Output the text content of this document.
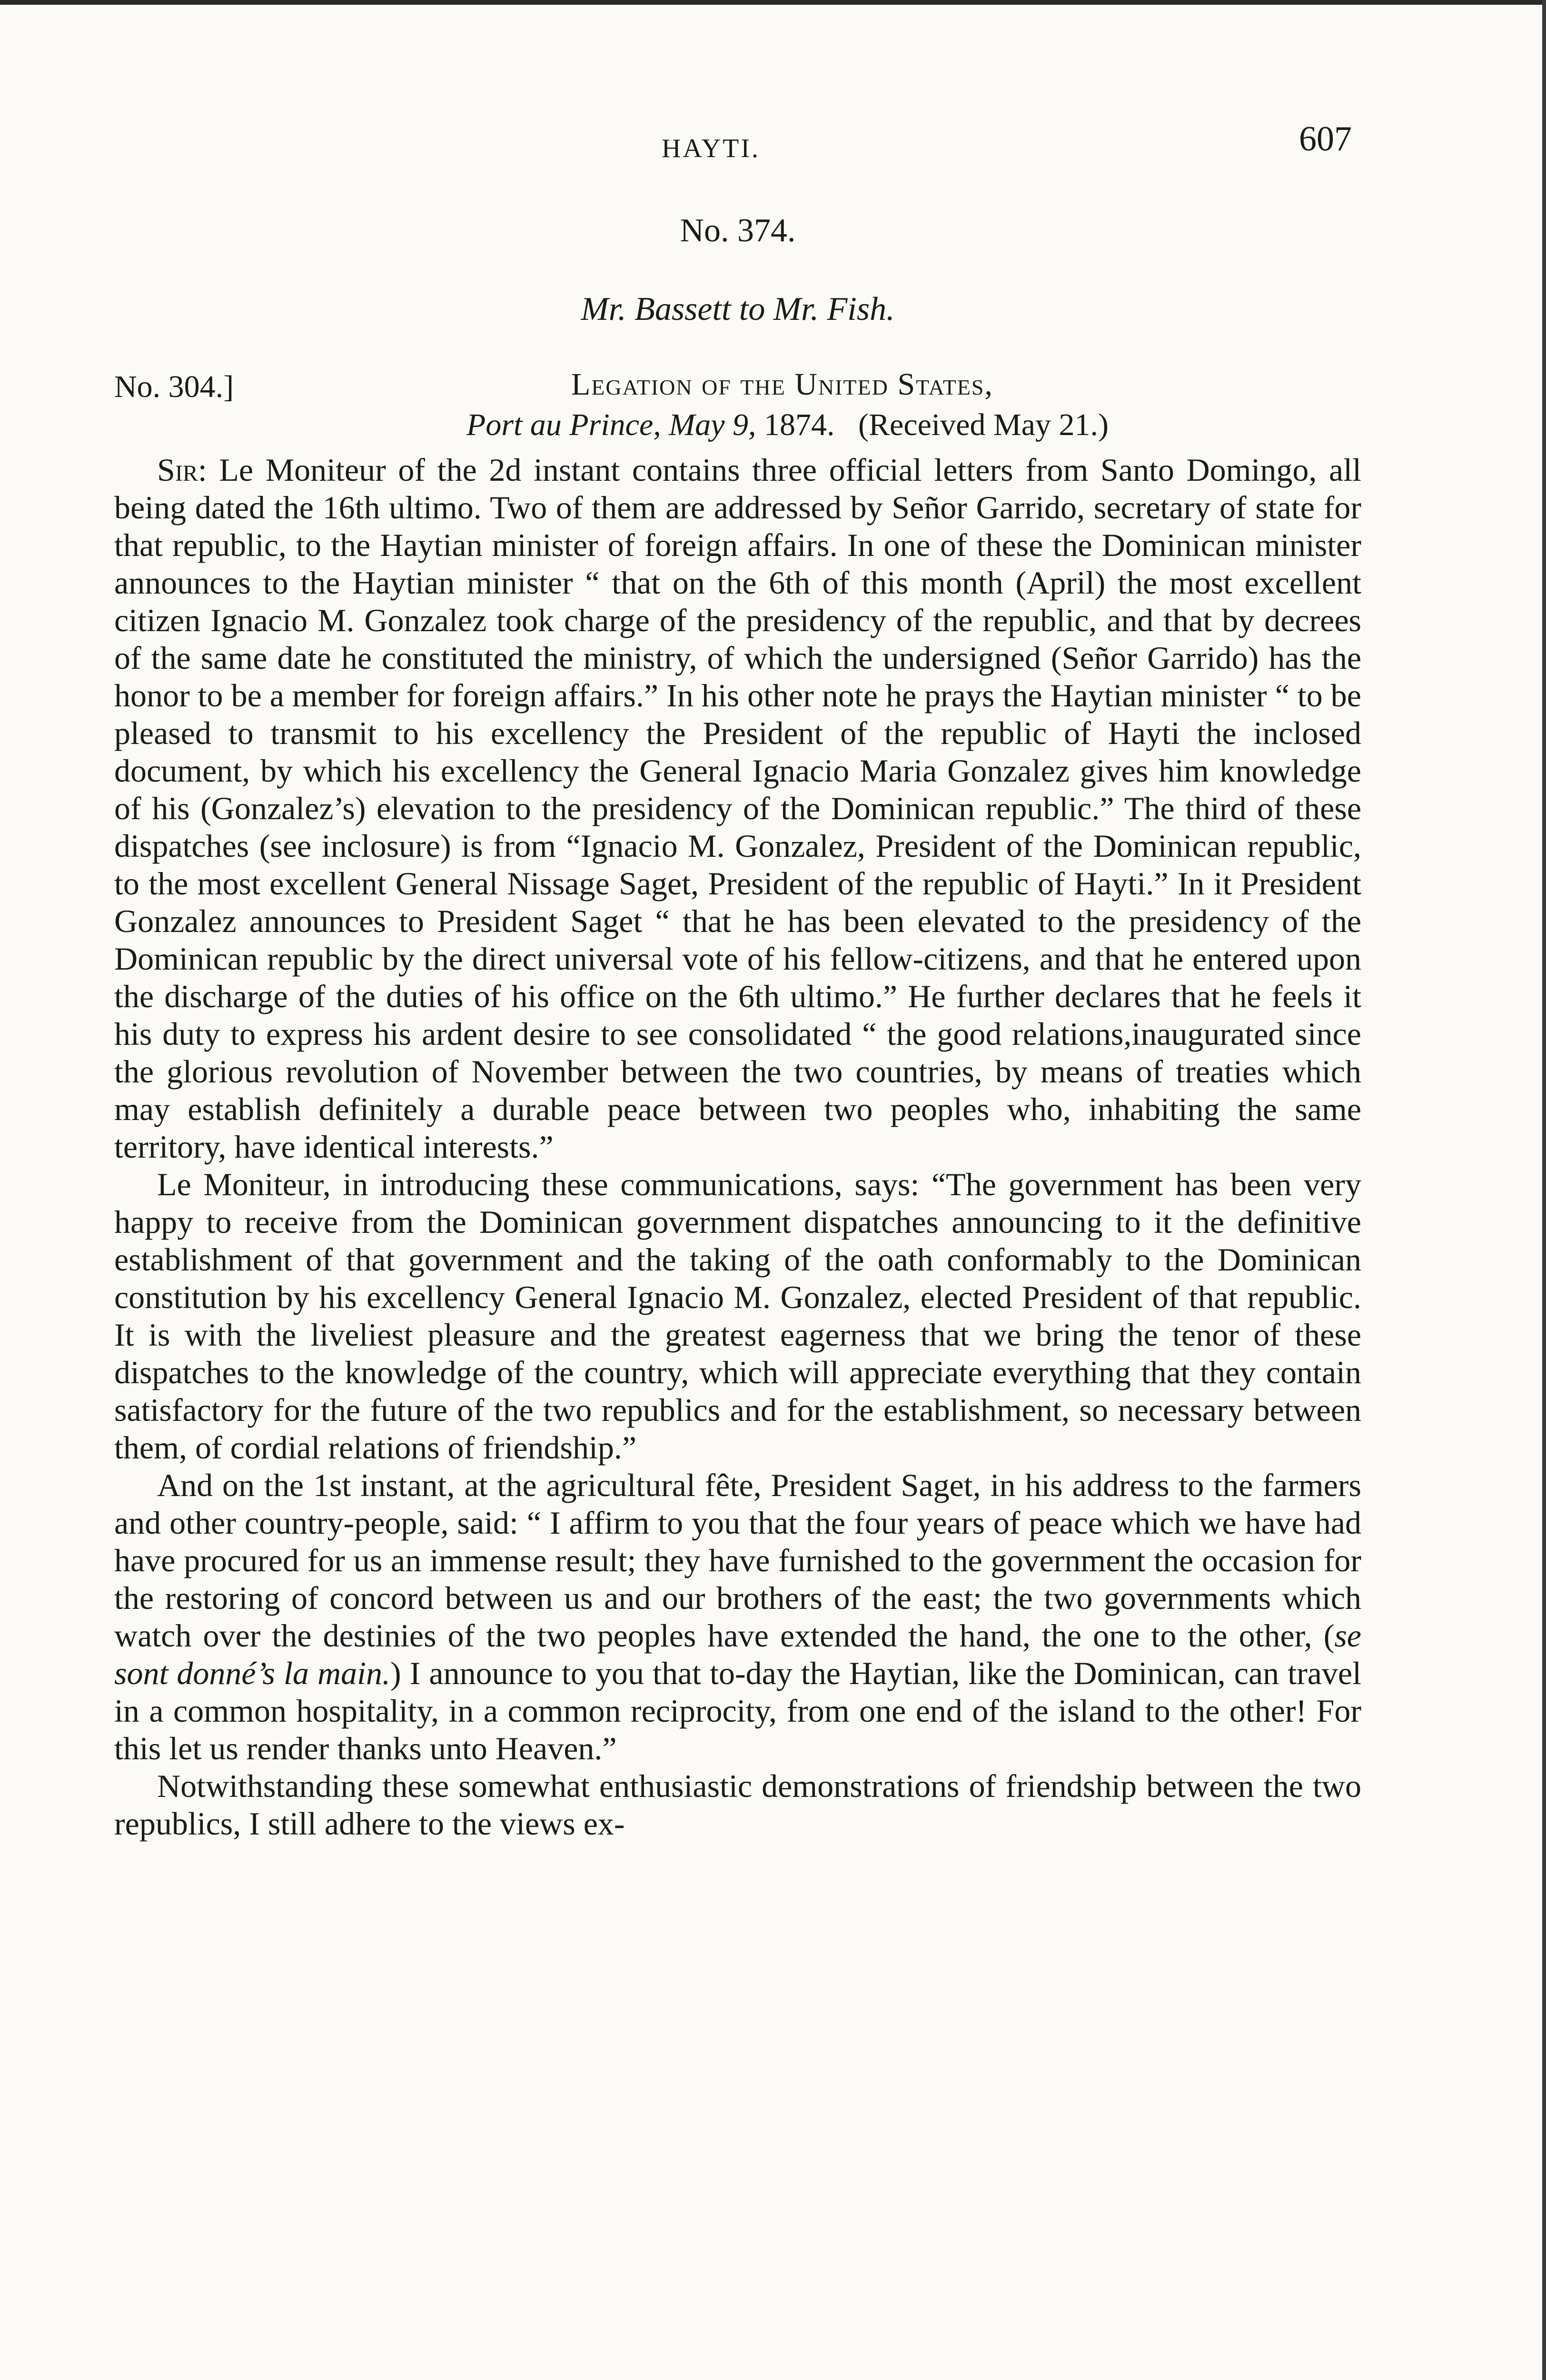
HAYTI.	607
No. 374.
Mr. Bassett to Mr. Fish.
No. 304.]	Legation of the United States,
Port au Prince, May 9, 1874. (Received May 21.)

Sir: Le Moniteur of the 2d instant contains three official letters from Santo Domingo, all being dated the 16th ultimo. Two of them are addressed by Señor Garrido, secretary of state for that republic, to the Haytian minister of foreign affairs. In one of these the Dominican minister announces to the Haytian minister “ that on the 6th of this month (April) the most excellent citizen Ignacio M. Gonzalez took charge of the presidency of the republic, and that by decrees of the same date he constituted the ministry, of which the undersigned (Señor Garrido) has the honor to be a member for foreign affairs.” In his other note he prays the Haytian minister “ to be pleased to transmit to his excellency the President of the republic of Hayti the inclosed document, by which his excellency the General Ignacio Maria Gonzalez gives him knowledge of his (Gonzalez’s) elevation to the presidency of the Dominican republic.” The third of these dispatches (see inclosure) is from “Ignacio M. Gonzalez, President of the Dominican republic, to the most excellent General Nissage Saget, President of the republic of Hayti.” In it President Gonzalez announces to President Saget “ that he has been elevated to the presidency of the Dominican republic by the direct universal vote of his fellow-citizens, and that he entered upon the discharge of the duties of his office on the 6th ultimo.” He further declares that he feels it his duty to express his ardent desire to see consolidated “ the good relations,inaugurated since the glorious revolution of November between the two countries, by means of treaties which may establish definitely a durable peace between two peoples who, inhabiting the same territory, have identical interests.”

Le Moniteur, in introducing these communications, says: “The government has been very happy to receive from the Dominican government dispatches announcing to it the definitive establishment of that government and the taking of the oath conformably to the Dominican constitution by his excellency General Ignacio M. Gonzalez, elected President of that republic. It is with the liveliest pleasure and the greatest eagerness that we bring the tenor of these dispatches to the knowledge of the country, which will appreciate everything that they contain satisfactory for the future of the two republics and for the establishment, so necessary between them, of cordial relations of friendship.”

And on the 1st instant, at the agricultural fête, President Saget, in his address to the farmers and other country-people, said: “ I affirm to you that the four years of peace which we have had have procured for us an immense result; they have furnished to the government the occasion for the restoring of concord between us and our brothers of the east; the two governments which watch over the destinies of the two peoples have extended the hand, the one to the other, (se sont donné’s la main.) I announce to you that to-day the Haytian, like the Dominican, can travel in a common hospitality, in a common reciprocity, from one end of the island to the other! For this let us render thanks unto Heaven.”

Notwithstanding these somewhat enthusiastic demonstrations of friendship between the two republics, I still adhere to the views ex-
